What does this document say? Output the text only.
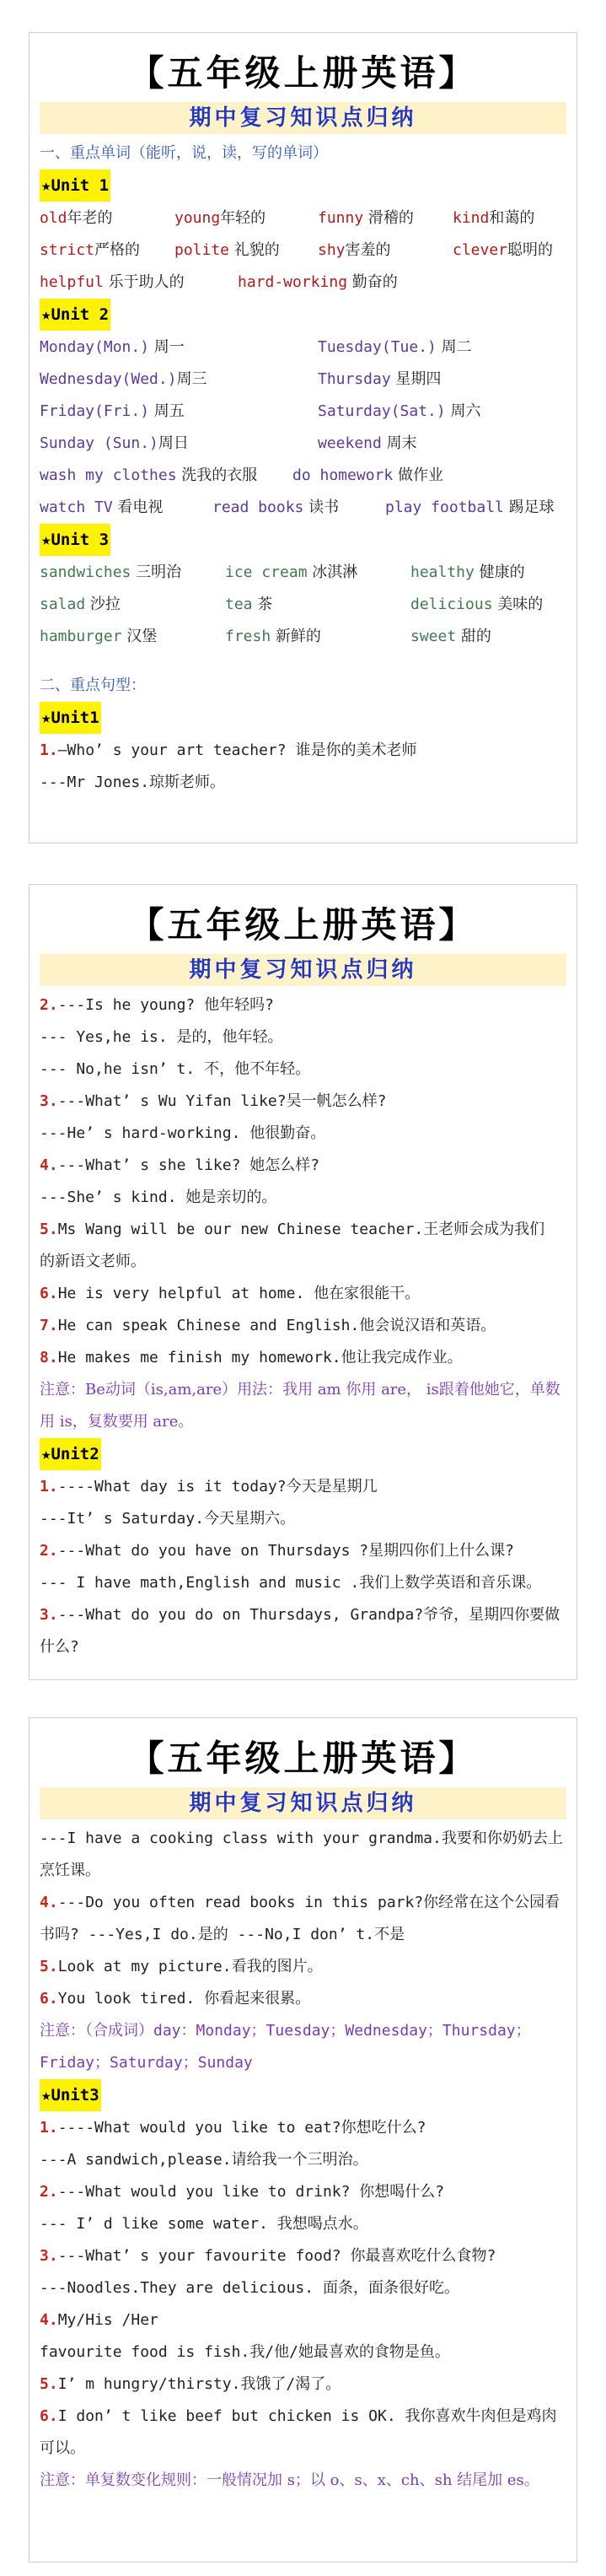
【五年级上册英语】
期中复习知识点归纳
一、重点单词（能听，说，读，写的单词）
★Unit 1
old年老的	young年轻的	funny 滑稽的	kind和蔼的
strict严格的 polite 礼貌的	shy害羞的	clever聪明的
helpful 乐于助人的	hard-working 勤奋的
★Unit 2
Monday(Mon.) 周一	Tuesday(Tue.) 周二
Wednesday(Wed.)周三	Thursday 星期四
Friday(Fri.) 周五	Saturday(Sat.) 周六
Sunday (Sun.)周日	weekend 周末
wash my clothes 洗我的衣服 do homework 做作业
watch TV 看电视	read books 读书	play football 踢足球
★Unit 3
sandwiches 三明治	ice cream 冰淇淋	healthy 健康的
salad 沙拉	tea 茶	delicious 美味的
hamburger 汉堡	fresh 新鲜的	sweet 甜的
二、重点句型：
★Unit1
1.—Who’ s your art teacher? 谁是你的美术老师
---Mr Jones.琼斯老师。
【五年级上册英语】
期中复习知识点归纳
2.---Is he young? 他年轻吗?
--- Yes,he is. 是的，他年轻。
--- No,he isn’ t. 不，他不年轻。
3.---What’ s Wu Yifan like?吴一帆怎么样?
---He’ s hard-working. 他很勤奋。
4.---What’ s she like? 她怎么样?
---She’ s kind. 她是亲切的。
5.Ms Wang will be our new Chinese teacher.王老师会成为我们
的新语文老师。
6.He is very helpful at home. 他在家很能干。
7.He can speak Chinese and English.他会说汉语和英语。
8.He makes me finish my homework.他让我完成作业。
注意：Be动词（is,am,are）用法：我用 am 你用 are， is跟着他她它，单数用 is，复数要用 are。
★Unit2
1.----What day is it today?今天是星期几
---It’ s Saturday.今天星期六。
2.---What do you have on Thursdays ?星期四你们上什么课?
--- I have math,English and music .我们上数学英语和音乐课。
3.---What do you do on Thursdays, Grandpa?爷爷，星期四你要做什么?
【五年级上册英语】
期中复习知识点归纳
---I have a cooking class with your grandma.我要和你奶奶去上烹饪课。
4.---Do you often read books in this park?你经常在这个公园看书吗? ---Yes,I do.是的 ---No,I don’ t.不是
5.Look at my picture.看我的图片。
6.You look tired. 你看起来很累。
注意：（合成词）day：Monday；Tuesday；Wednesday；Thursday；Friday；Saturday；Sunday
★Unit3
1.----What would you like to eat?你想吃什么?
---A sandwich,please.请给我一个三明治。
2.---What would you like to drink? 你想喝什么?
--- I’ d like some water. 我想喝点水。
3.---What’ s your favourite food? 你最喜欢吃什么食物?
---Noodles.They are delicious. 面条，面条很好吃。
4.My/His /Her
favourite food is fish.我/他/她最喜欢的食物是鱼。
5.I’ m hungry/thirsty.我饿了/渴了。
6.I don’ t like beef but chicken is OK. 我你喜欢牛肉但是鸡肉可以。
注意：单复数变化规则：一般情况加 s；以 o、s、x、ch、sh 结尾加 es。
